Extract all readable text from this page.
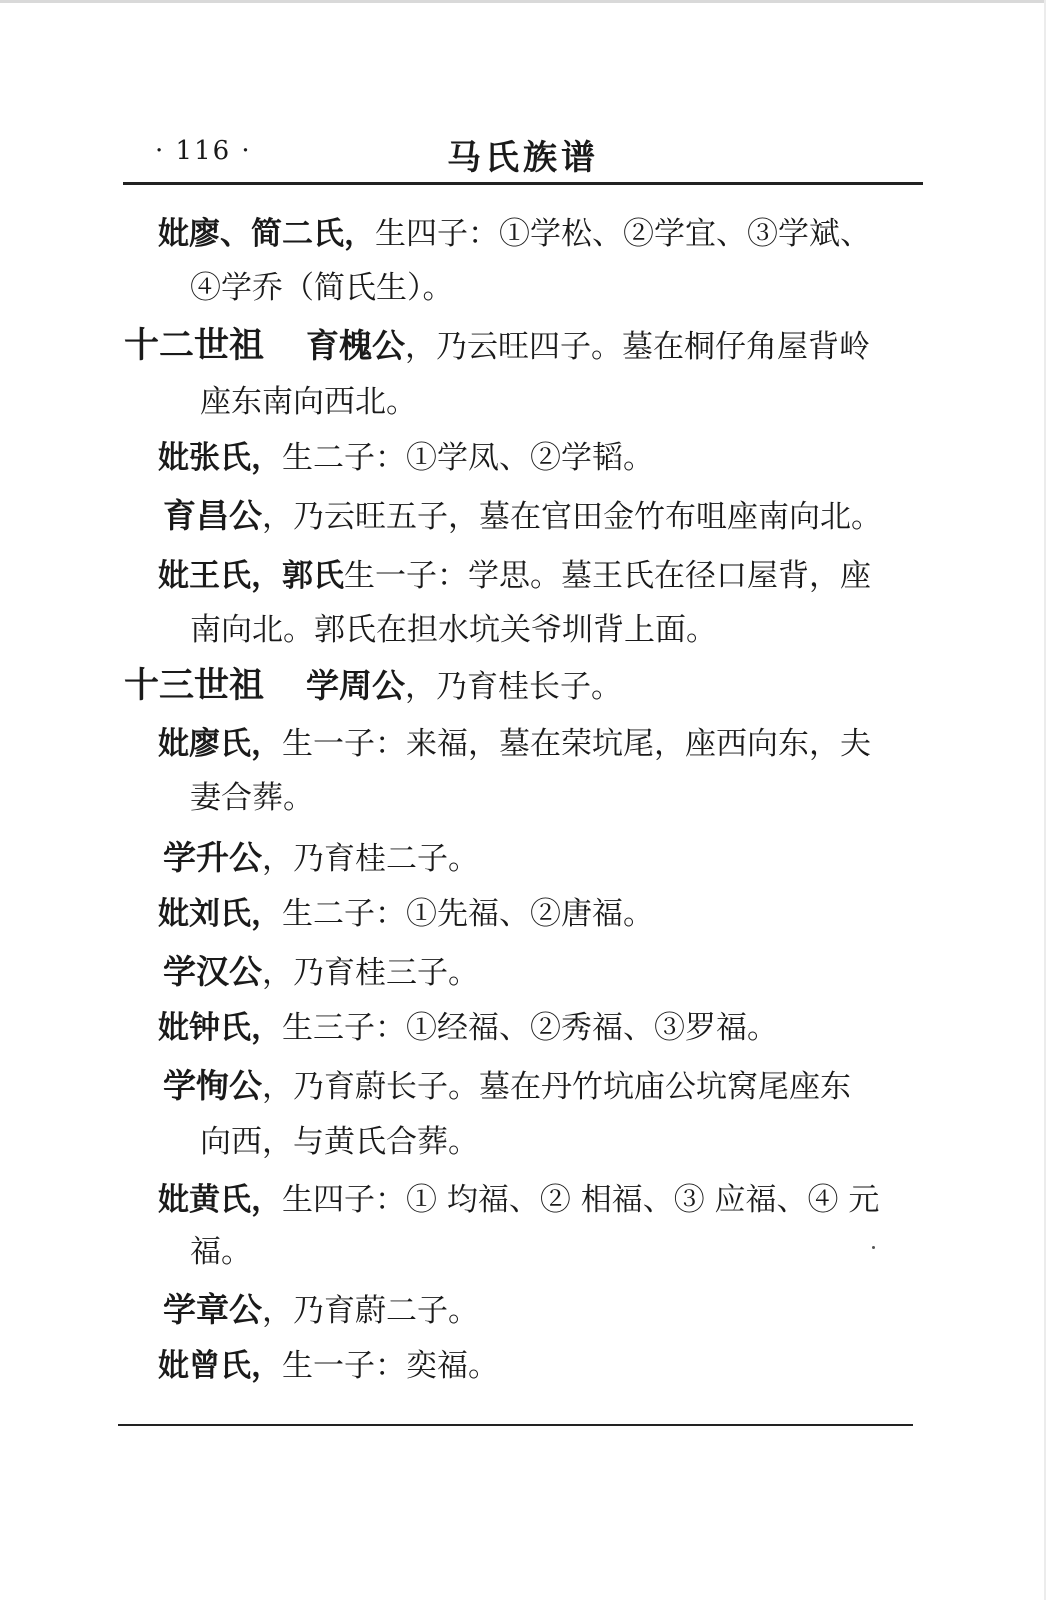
· 116 ·	马氏族谱
妣廖、简二氏，生四子：①学松、②学宜、③学斌、
④学乔（简氏生）。
十二世祖 育槐公，乃云旺四子。墓在桐仔角屋背岭
座东南向西北。
妣张氏，生二子：①学凤、②学韬。
育昌公，乃云旺五子，墓在官田金竹布咀座南向北。
妣王氏，郭氏生一子：学思。墓王氏在径口屋背，座
南向北。郭氏在担水坑关爷圳背上面。
十三世祖 学周公，乃育桂长子。
妣廖氏，生一子：来福，墓在荣坑尾，座西向东，夫
妻合葬。
学升公，乃育桂二子。
妣刘氏，生二子：①先福、②唐福。
学汉公，乃育桂三子。
妣钟氏，生三子：①经福、②秀福、③罗福。
学恂公，乃育蔚长子。墓在丹竹坑庙公坑窝尾座东
向西，与黄氏合葬。
妣黄氏，生四子：① 均福、② 相福、③ 应福、④ 元
福。
学章公，乃育蔚二子。
妣曾氏，生一子：奕福。
